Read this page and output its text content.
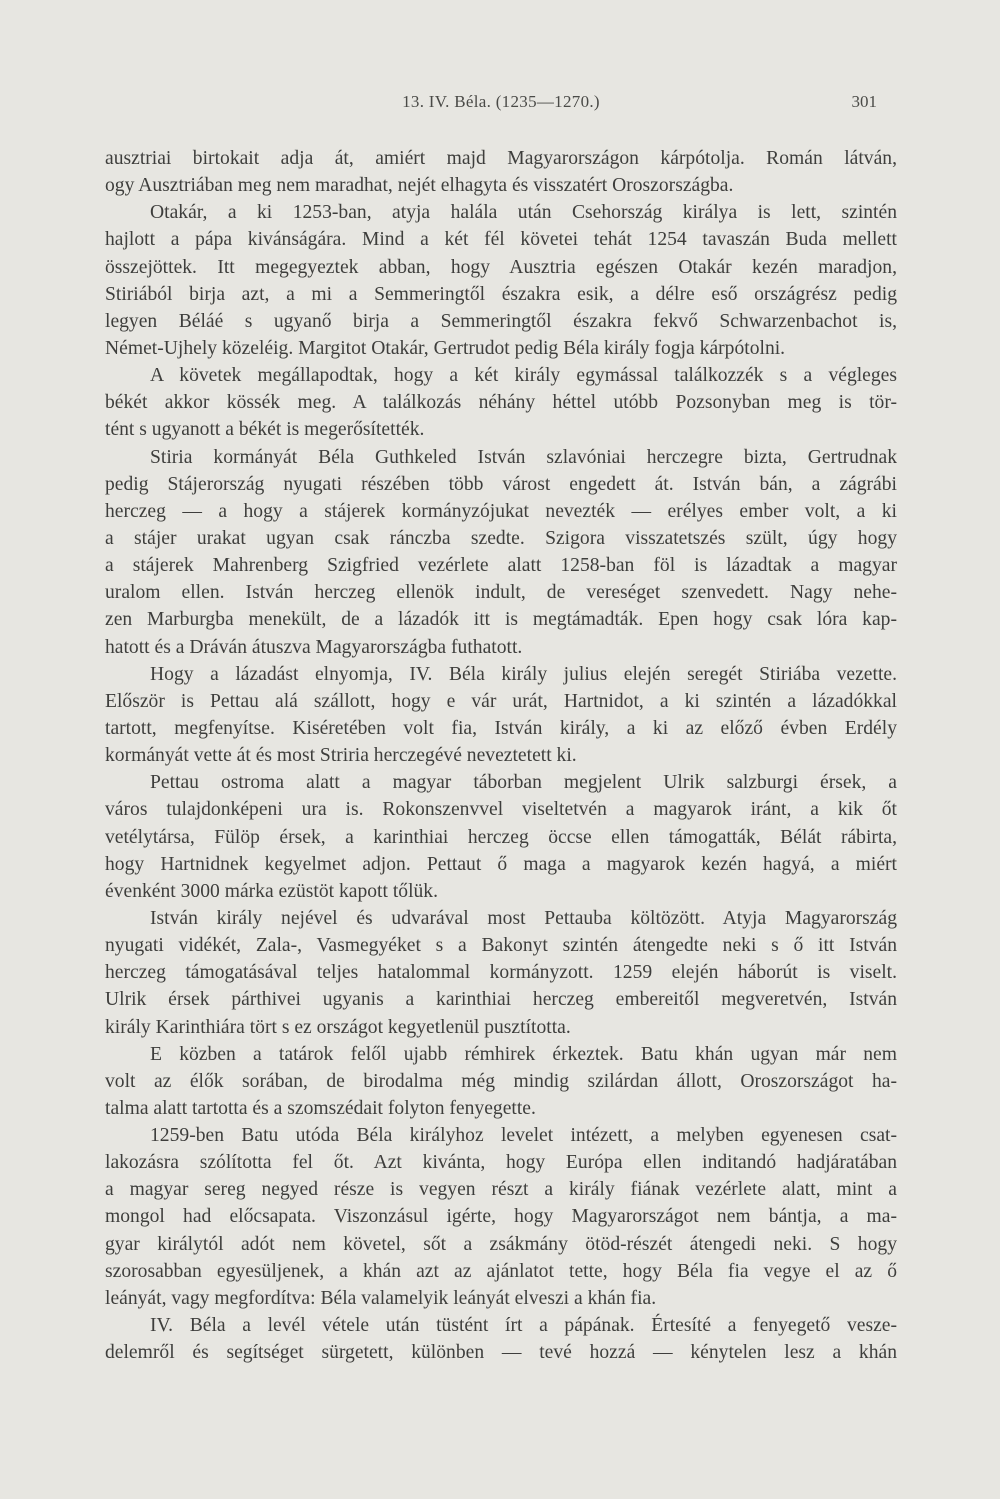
13. IV. Béla. (1235—1270.)	301
ausztriai birtokait adja át, amiért majd Magyarországon kárpótolja. Román látván,
ogy Ausztriában meg nem maradhat, nejét elhagyta és visszatért Oroszországba.
Otakár, a ki 1253-ban, atyja halála után Csehország királya is lett, szintén
hajlott a pápa kivánságára. Mind a két fél követei tehát 1254 tavaszán Buda mellett
összejöttek. Itt megegyeztek abban, hogy Ausztria egészen Otakár kezén maradjon,
Stiriából birja azt, a mi a Semmeringtől északra esik, a délre eső országrész pedig
legyen Béláé s ugyanő birja a Semmeringtől északra fekvő Schwarzenbachot is,
Német-Ujhely közeléig. Margitot Otakár, Gertrudot pedig Béla király fogja kárpótolni.
A követek megállapodtak, hogy a két király egymással találkozzék s a végleges
békét akkor kössék meg. A találkozás néhány héttel utóbb Pozsonyban meg is tör-
tént s ugyanott a békét is megerősítették.
Stiria kormányát Béla Guthkeled István szlavóniai herczegre bizta, Gertrudnak
pedig Stájerország nyugati részében több várost engedett át. István bán, a zágrábi
herczeg — a hogy a stájerek kormányzójukat nevezték — erélyes ember volt, a ki
a stájer urakat ugyan csak ránczba szedte. Szigora visszatetszés szült, úgy hogy
a stájerek Mahrenberg Szigfried vezérlete alatt 1258-ban föl is lázadtak a magyar
uralom ellen. István herczeg ellenök indult, de vereséget szenvedett. Nagy nehe-
zen Marburgba menekült, de a lázadók itt is megtámadták. Epen hogy csak lóra kap-
hatott és a Dráván átuszva Magyarországba futhatott.
Hogy a lázadást elnyomja, IV. Béla király julius elején seregét Stiriába vezette.
Először is Pettau alá szállott, hogy e vár urát, Hartnidot, a ki szintén a lázadókkal
tartott, megfenyítse. Kiséretében volt fia, István király, a ki az előző évben Erdély
kormányát vette át és most Striria herczegévé neveztetett ki.
Pettau ostroma alatt a magyar táborban megjelent Ulrik salzburgi érsek, a
város tulajdonképeni ura is. Rokonszenvvel viseltetvén a magyarok iránt, a kik őt
vetélytársa, Fülöp érsek, a karinthiai herczeg öccse ellen támogatták, Bélát rábirta,
hogy Hartnidnek kegyelmet adjon. Pettaut ő maga a magyarok kezén hagyá, a miért
évenként 3000 márka ezüstöt kapott tőlük.
István király nejével és udvarával most Pettauba költözött. Atyja Magyarország
nyugati vidékét, Zala-, Vasmegyéket s a Bakonyt szintén átengedte neki s ő itt István
herczeg támogatásával teljes hatalommal kormányzott. 1259 elején háborút is viselt.
Ulrik érsek párthivei ugyanis a karinthiai herczeg embereitől megveretvén, István
király Karinthiára tört s ez országot kegyetlenül pusztította.
E közben a tatárok felől ujabb rémhirek érkeztek. Batu khán ugyan már nem
volt az élők sorában, de birodalma még mindig szilárdan állott, Oroszországot ha-
talma alatt tartotta és a szomszédait folyton fenyegette.
1259-ben Batu utóda Bélа királyhoz levelet intézett, a melyben egyenesen csat-
lakozásra szólította fel őt. Azt kivánta, hogy Európa ellen inditandó hadjáratában
a magyar sereg negyed része is vegyen részt a király fiának vezérlete alatt, mint a
mongol had előcsapata. Viszonzásul igérte, hogy Magyarországot nem bántja, a ma-
gyar királytól adót nem követel, sőt a zsákmány ötöd-részét átengedi neki. S hogy
szorosabban egyesüljenek, a khán azt az ajánlatot tette, hogy Béla fia vegye el az ő
leányát, vagy megfordítva: Béla valamelyik leányát elveszi a khán fia.
IV. Béla a levél vétele után tüstént írt a pápának. Értesíté a fenyegető vesze-
delemről és segítséget sürgetett, különben — tevé hozzá — kénytelen lesz a khán
